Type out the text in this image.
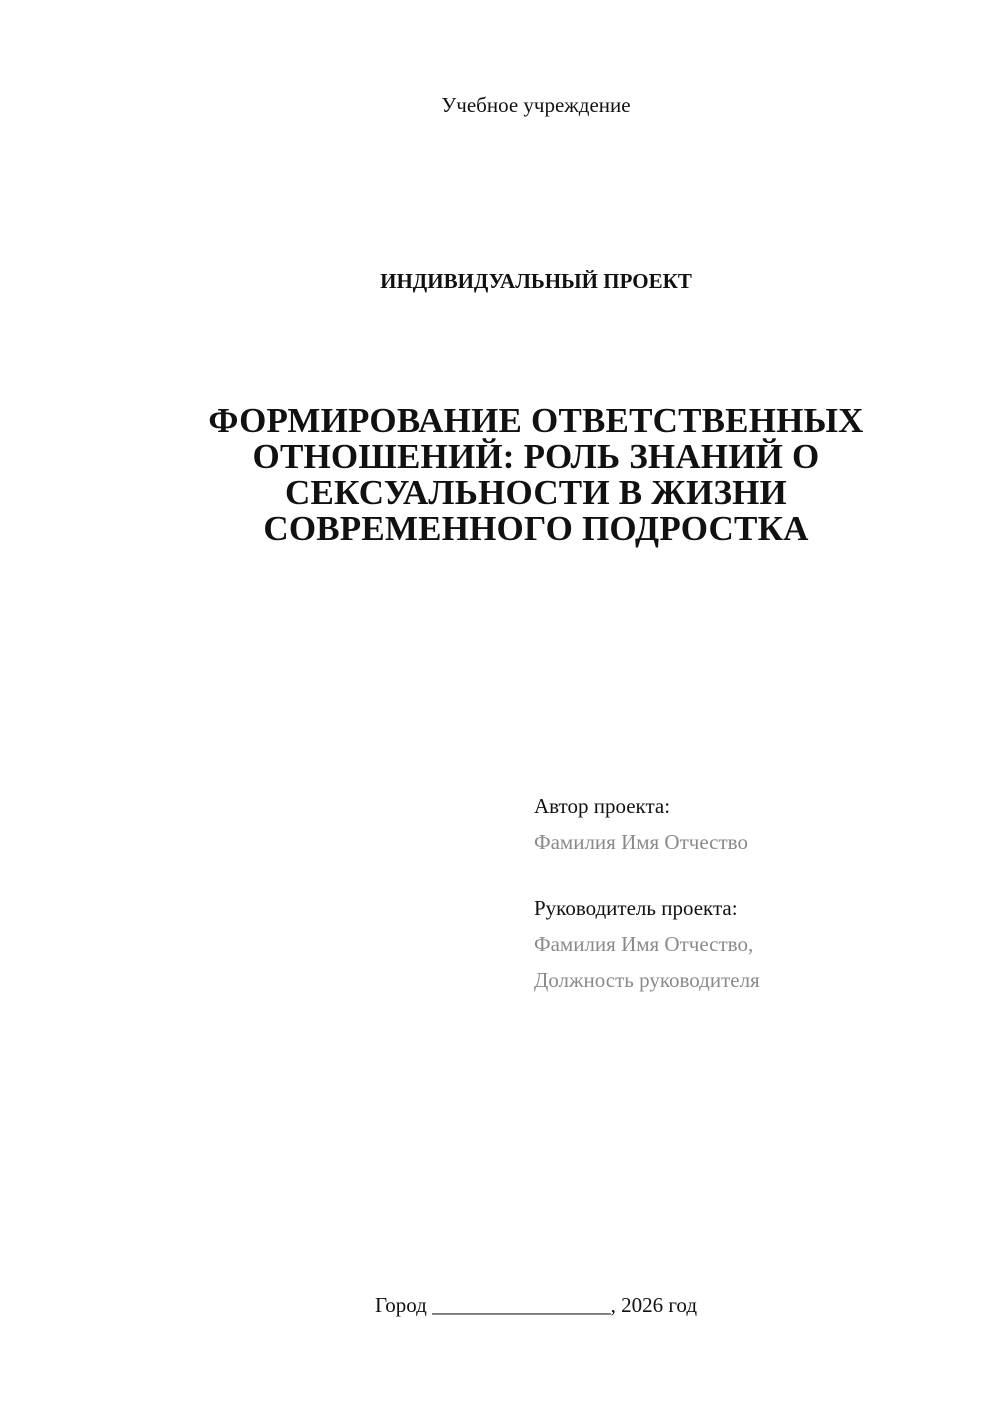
Учебное учреждение
ИНДИВИДУАЛЬНЫЙ ПРОЕКТ
ФОРМИРОВАНИЕ ОТВЕТСТВЕННЫХ
ОТНОШЕНИЙ: РОЛЬ ЗНАНИЙ О
СЕКСУАЛЬНОСТИ В ЖИЗНИ
СОВРЕМЕННОГО ПОДРОСТКА
Автор проекта:
Фамилия Имя Отчество
Руководитель проекта:
Фамилия Имя Отчество,
Должность руководителя
Город _________________, 2026 год
